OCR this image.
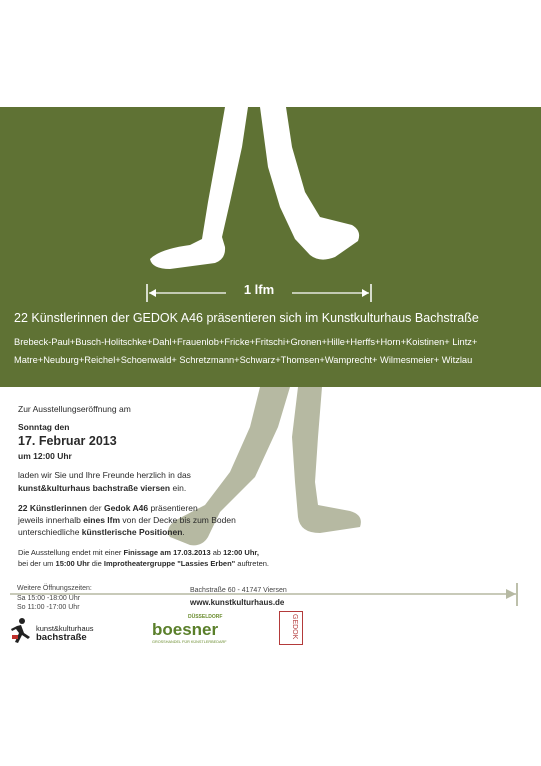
1 lfm
22 Künstlerinnen der GEDOK A46 präsentieren sich im Kunstkulturhaus Bachstraße
Brebeck-Paul+Busch-Holitschke+Dahl+Frauenlob+Fricke+Fritschi+Gronen+Hille+Herffs+Horn+Koistinen+ Lintz+
Matre+Neuburg+Reichel+Schoenwald+ Schretzmann+Schwarz+Thomsen+Wamprecht+ Wilmesmeier+ Witzlau
Zur Ausstellungseröffnung am
Sonntag den
17. Februar 2013
um 12:00 Uhr
laden wir Sie und Ihre Freunde herzlich in das
kunst&kulturhaus bachstraße viersen ein.
22 Künstlerinnen der Gedok A46 präsentieren
jeweils innerhalb eines lfm von der Decke bis zum Boden
unterschiedliche künstlerische Positionen.
Die Ausstellung endet mit einer Finissage am 17.03.2013 ab 12:00 Uhr,
bei der um 15:00 Uhr die Improtheatergruppe "Lassies Erben" auftreten.
Weitere Öffnungszeiten:
Sa 15:00 -18:00 Uhr
So 11:00 -17:00 Uhr
Bachstraße 60 - 41747 Viersen
www.kunstkulturhaus.de
kunst&kulturhaus
bachstraße
DÜSSELDORF
boesner
GROSSHANDEL FÜR KÜNSTLERBEDARF
GEDOK
